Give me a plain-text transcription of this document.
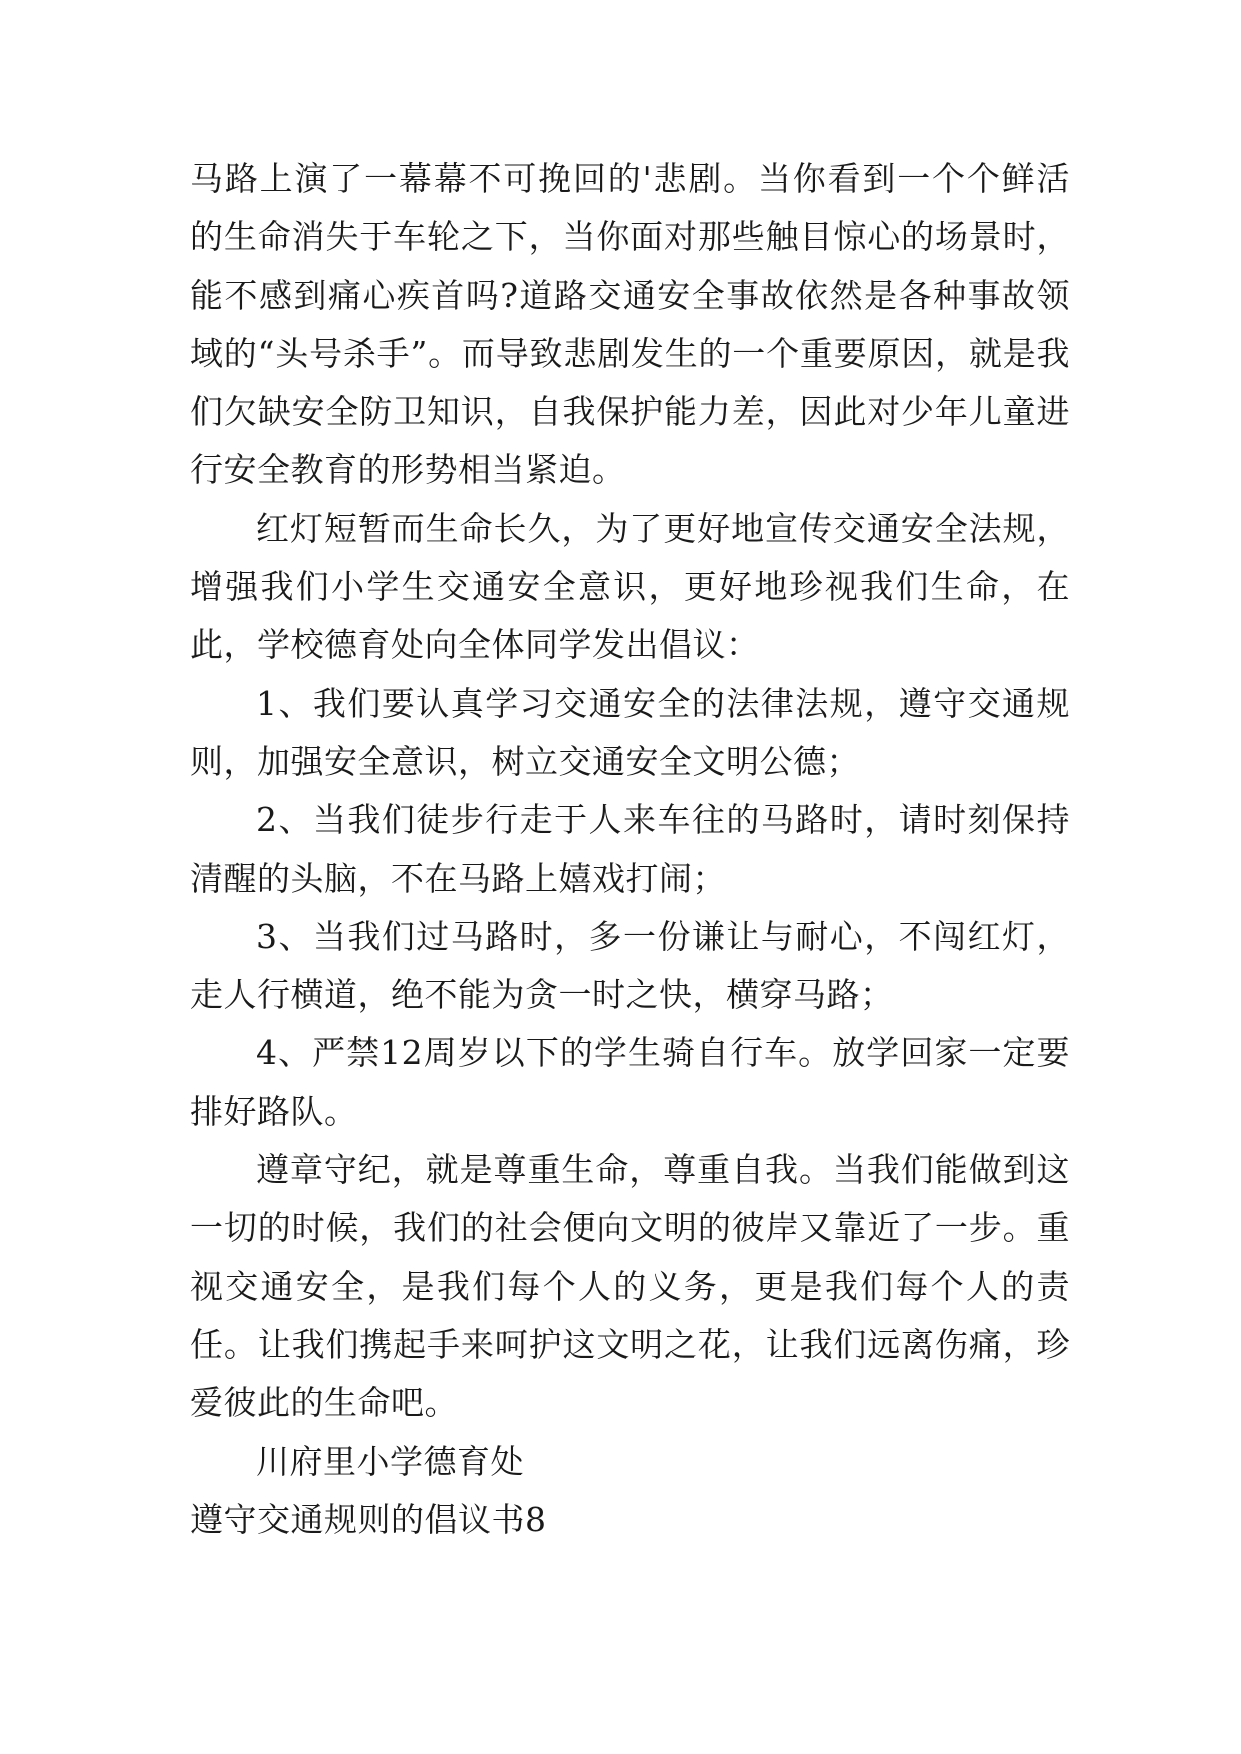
马路上演了一幕幕不可挽回的'悲剧。当你看到一个个鲜活的生命消失于车轮之下，当你面对那些触目惊心的场景时，能不感到痛心疾首吗?道路交通安全事故依然是各种事故领域的“头号杀手”。而导致悲剧发生的一个重要原因，就是我们欠缺安全防卫知识，自我保护能力差，因此对少年儿童进行安全教育的形势相当紧迫。

红灯短暂而生命长久，为了更好地宣传交通安全法规，增强我们小学生交通安全意识，更好地珍视我们生命，在此，学校德育处向全体同学发出倡议：

1、我们要认真学习交通安全的法律法规，遵守交通规则，加强安全意识，树立交通安全文明公德；

2、当我们徒步行走于人来车往的马路时，请时刻保持清醒的头脑，不在马路上嬉戏打闹；

3、当我们过马路时，多一份谦让与耐心，不闯红灯，走人行横道，绝不能为贪一时之快，横穿马路；

4、严禁12周岁以下的学生骑自行车。放学回家一定要排好路队。

遵章守纪，就是尊重生命，尊重自我。当我们能做到这一切的时候，我们的社会便向文明的彼岸又靠近了一步。重视交通安全，是我们每个人的义务，更是我们每个人的责任。让我们携起手来呵护这文明之花，让我们远离伤痛，珍爱彼此的生命吧。

川府里小学德育处

遵守交通规则的倡议书8
